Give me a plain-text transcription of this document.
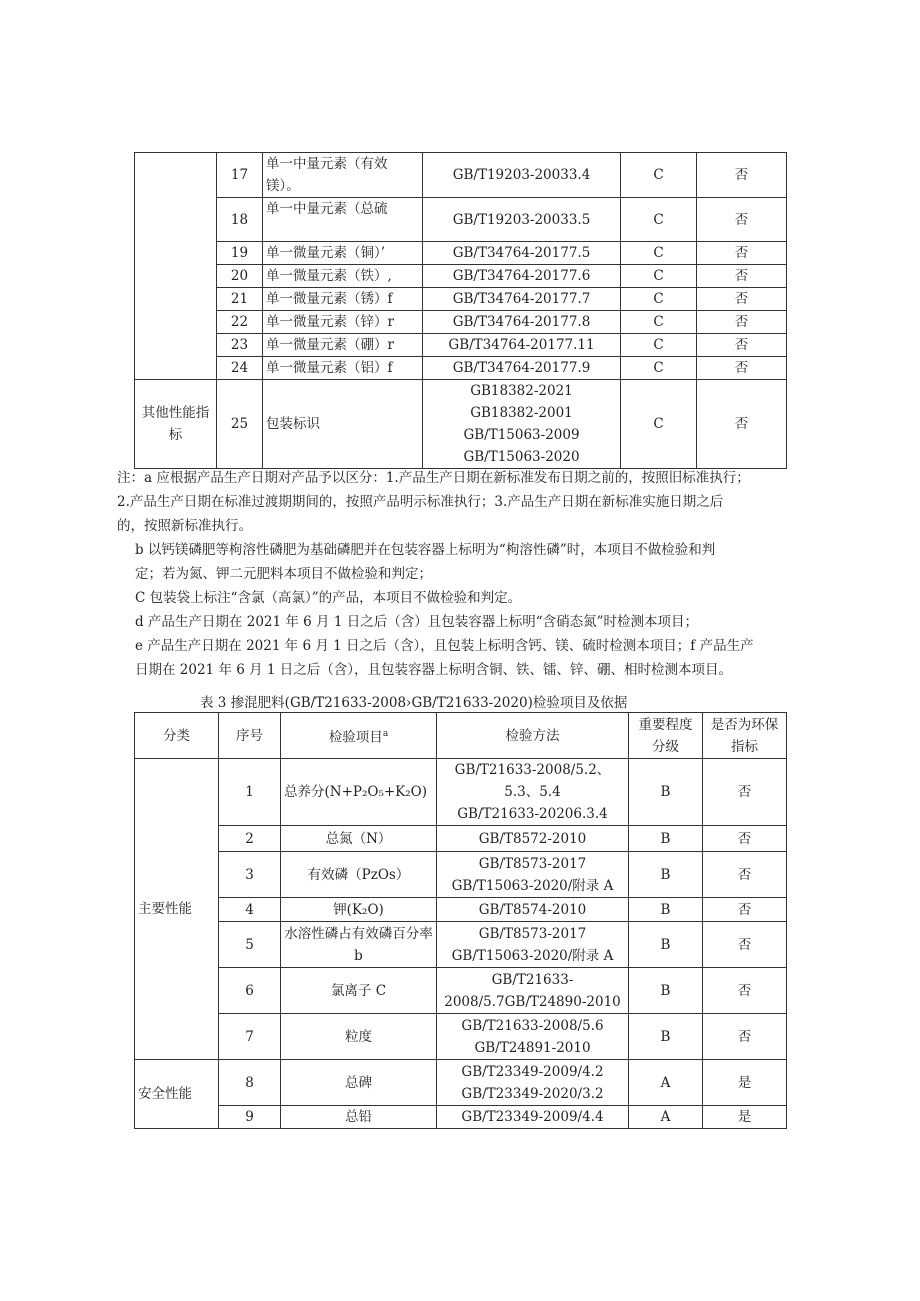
	17	单一中量元素（有效镁）。	GB/T19203-20033.4	C	否
	18	单一中量元素（总硫	GB/T19203-20033.5	C	否
	19	单一微量元素（铜）’	GB/T34764-20177.5	C	否
	20	单一微量元素（铁）,	GB/T34764-20177.6	C	否
	21	单一微量元素（锈）f	GB/T34764-20177.7	C	否
	22	单一微量元素（锌）r	GB/T34764-20177.8	C	否
	23	单一微量元素（硼）r	GB/T34764-20177.11	C	否
	24	单一微量元素（铝）f	GB/T34764-20177.9	C	否
其他性能指标	25	包装标识	GB18382-2021
GB18382-2001
GB/T15063-2009
GB/T15063-2020	C	否

注：a 应根据产品生产日期对产品予以区分：1.产品生产日期在新标准发布日期之前的，按照旧标准执行；

2.产品生产日期在标准过渡期期间的，按照产品明示标准执行；3.产品生产日期在新标准实施日期之后

的，按照新标准执行。

b 以钙镁磷肥等枸溶性磷肥为基础磷肥并在包装容器上标明为“枸溶性磷”时，本项目不做检验和判

定；若为氮、钾二元肥料本项目不做检验和判定；

C 包装袋上标注“含氯（高氯）”的产品，本项目不做检验和判定。

d 产品生产日期在 2021 年 6 月 1 日之后（含）且包装容器上标明“含硝态氮”时检测本项目；

e 产品生产日期在 2021 年 6 月 1 日之后（含），且包装上标明含钙、镁、硫时检测本项目；f 产品生产

日期在 2021 年 6 月 1 日之后（含），且包装容器上标明含铜、铁、镭、锌、硼、相时检测本项目。

表 3 掺混肥料(GB/T21633-2008›GB/T21633-2020)检验项目及依据
分类	序号	检验项目$^a$	检验方法	重要程度分级	是否为环保指标
主要性能	1	总养分(N+P₂O₅+K₂O)	GB/T21633-2008/5.2、
5.3、5.4
GB/T21633-20206.3.4	B	否
	2	总氮（N）	GB/T8572-2010	B	否
	3	有效磷（PzOs）	GB/T8573-2017
GB/T15063-2020/附录 A	B	否
	4	钾(K₂O)	GB/T8574-2010	B	否
	5	水溶性磷占有效磷百分率 b	GB/T8573-2017
GB/T15063-2020/附录 A	B	否
	6	氯离子 C	GB/T21633-
2008/5.7GB/T24890-2010	B	否
	7	粒度	GB/T21633-2008/5.6
GB/T24891-2010	B	否
安全性能	8	总碑	GB/T23349-2009/4.2
GB/T23349-2020/3.2	A	是
	9	总铅	GB/T23349-2009/4.4	A	是
